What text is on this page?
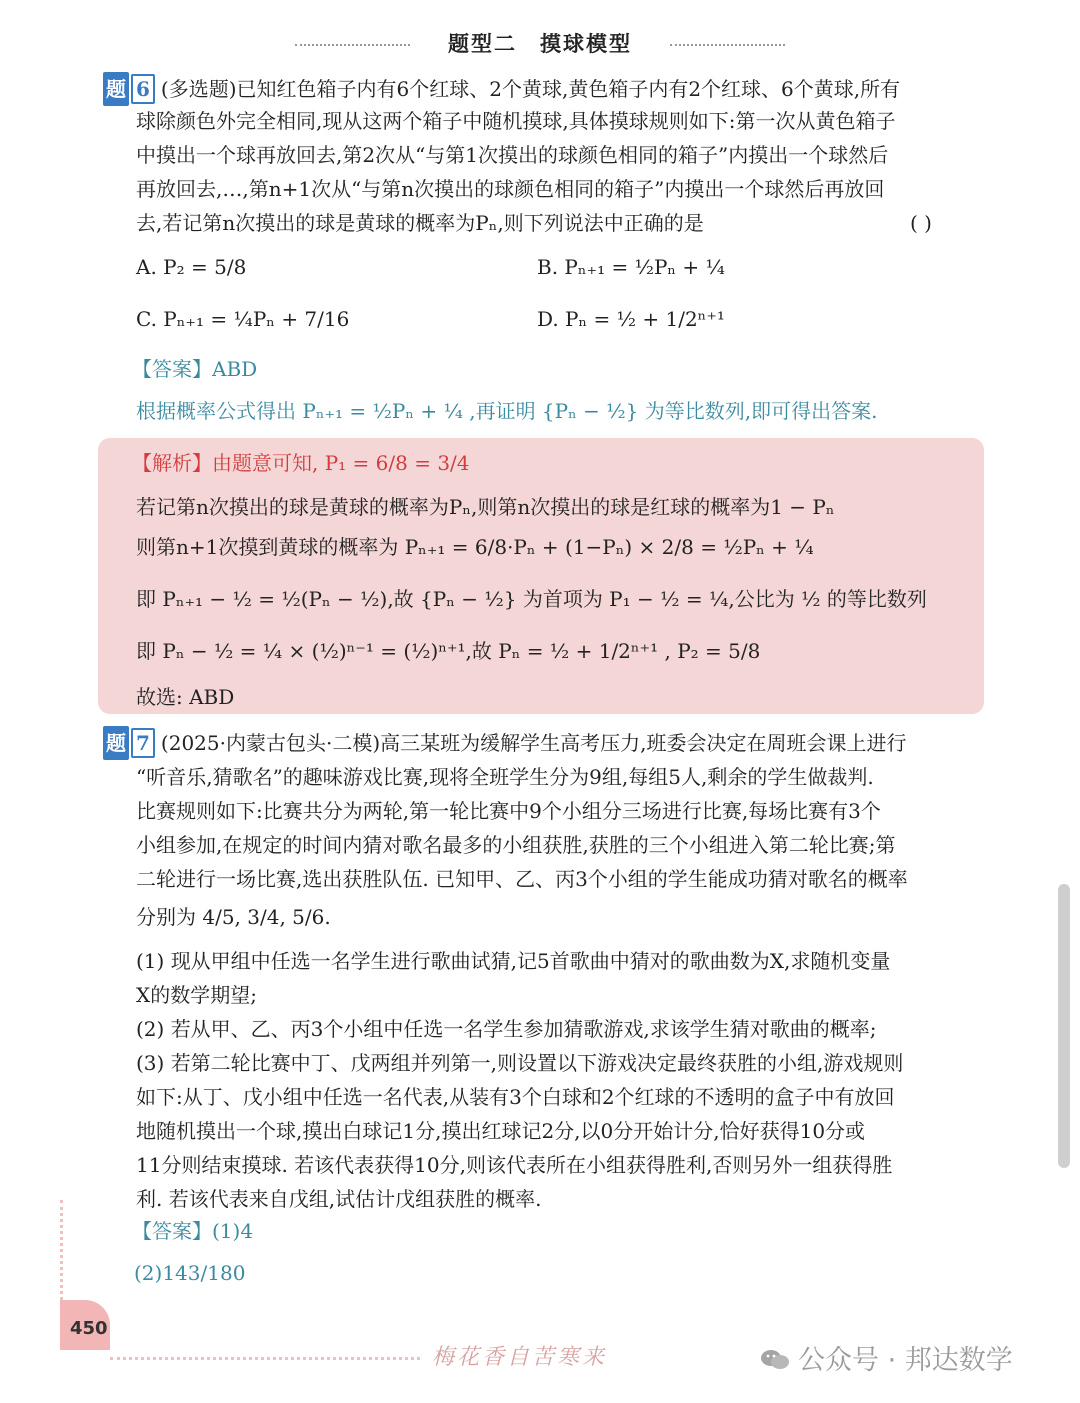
题型二　摸球模型
题 6 (多选题)已知红色箱子内有6个红球、2个黄球,黄色箱子内有2个红球、6个黄球,所有
球除颜色外完全相同,现从这两个箱子中随机摸球,具体摸球规则如下:第一次从黄色箱子
中摸出一个球再放回去,第2次从“与第1次摸出的球颜色相同的箱子”内摸出一个球然后
再放回去,…,第n+1次从“与第n次摸出的球颜色相同的箱子”内摸出一个球然后再放回
去,若记第n次摸出的球是黄球的概率为Pₙ,则下列说法中正确的是	( )
A. P₂ = 5/8	B. Pₙ₊₁ = ½Pₙ + ¼
C. Pₙ₊₁ = ¼Pₙ + 7/16	D. Pₙ = ½ + 1/2ⁿ⁺¹
【答案】ABD
根据概率公式得出 Pₙ₊₁ = ½Pₙ + ¼ ,再证明 {Pₙ − ½} 为等比数列,即可得出答案.
【解析】由题意可知, P₁ = 6/8 = 3/4
若记第n次摸出的球是黄球的概率为Pₙ,则第n次摸出的球是红球的概率为1 − Pₙ
则第n+1次摸到黄球的概率为 Pₙ₊₁ = 6/8·Pₙ + (1−Pₙ) × 2/8 = ½Pₙ + ¼
即 Pₙ₊₁ − ½ = ½(Pₙ − ½),故 {Pₙ − ½} 为首项为 P₁ − ½ = ¼,公比为 ½ 的等比数列
即 Pₙ − ½ = ¼ × (½)ⁿ⁻¹ = (½)ⁿ⁺¹,故 Pₙ = ½ + 1/2ⁿ⁺¹ , P₂ = 5/8
故选: ABD
题 7 (2025·内蒙古包头·二模)高三某班为缓解学生高考压力,班委会决定在周班会课上进行
“听音乐,猜歌名”的趣味游戏比赛,现将全班学生分为9组,每组5人,剩余的学生做裁判.
比赛规则如下:比赛共分为两轮,第一轮比赛中9个小组分三场进行比赛,每场比赛有3个
小组参加,在规定的时间内猜对歌名最多的小组获胜,获胜的三个小组进入第二轮比赛;第
二轮进行一场比赛,选出获胜队伍. 已知甲、乙、丙3个小组的学生能成功猜对歌名的概率
分别为 4/5, 3/4, 5/6.
(1) 现从甲组中任选一名学生进行歌曲试猜,记5首歌曲中猜对的歌曲数为X,求随机变量
X的数学期望;
(2) 若从甲、乙、丙3个小组中任选一名学生参加猜歌游戏,求该学生猜对歌曲的概率;
(3) 若第二轮比赛中丁、戊两组并列第一,则设置以下游戏决定最终获胜的小组,游戏规则
如下:从丁、戊小组中任选一名代表,从装有3个白球和2个红球的不透明的盒子中有放回
地随机摸出一个球,摸出白球记1分,摸出红球记2分,以0分开始计分,恰好获得10分或
11分则结束摸球. 若该代表获得10分,则该代表所在小组获得胜利,否则另外一组获得胜
利. 若该代表来自戊组,试估计戊组获胜的概率.
【答案】(1)4
(2)143/180
450
梅花香自苦寒来	公众号 · 邦达数学
